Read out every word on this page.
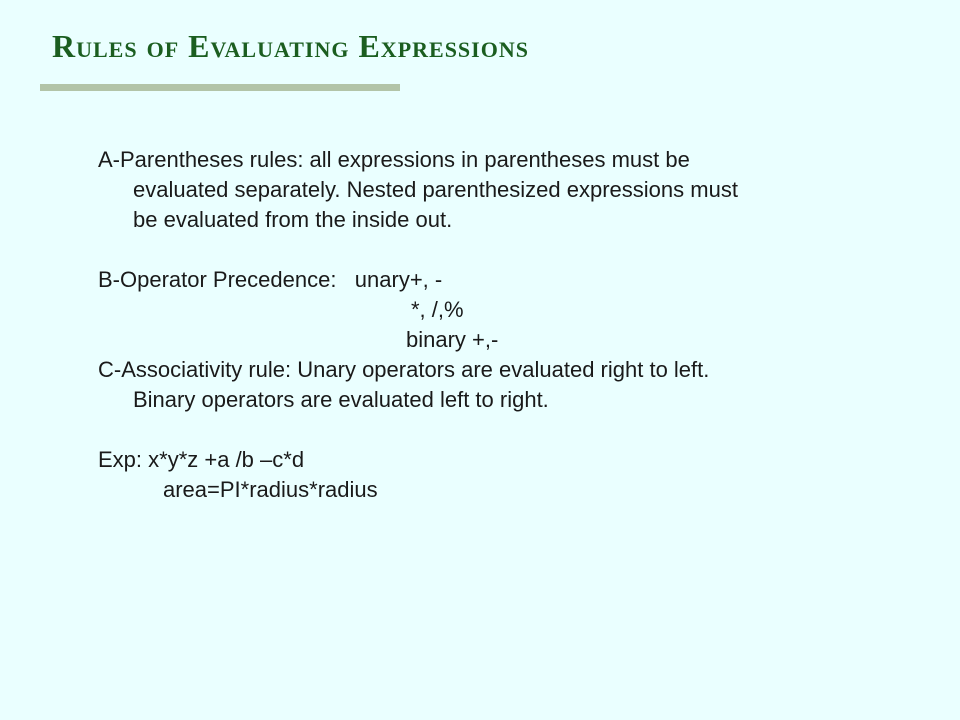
Rules of Evaluating Expressions
A-Parentheses rules: all expressions in parentheses must be
evaluated separately. Nested parenthesized expressions must
be evaluated from the inside out.
B-Operator Precedence:   unary+, -
*, /,%
binary +,-
C-Associativity rule: Unary operators are evaluated right to left.
Binary operators are evaluated left to right.
Exp: x*y*z +a /b –c*d
area=PI*radius*radius
